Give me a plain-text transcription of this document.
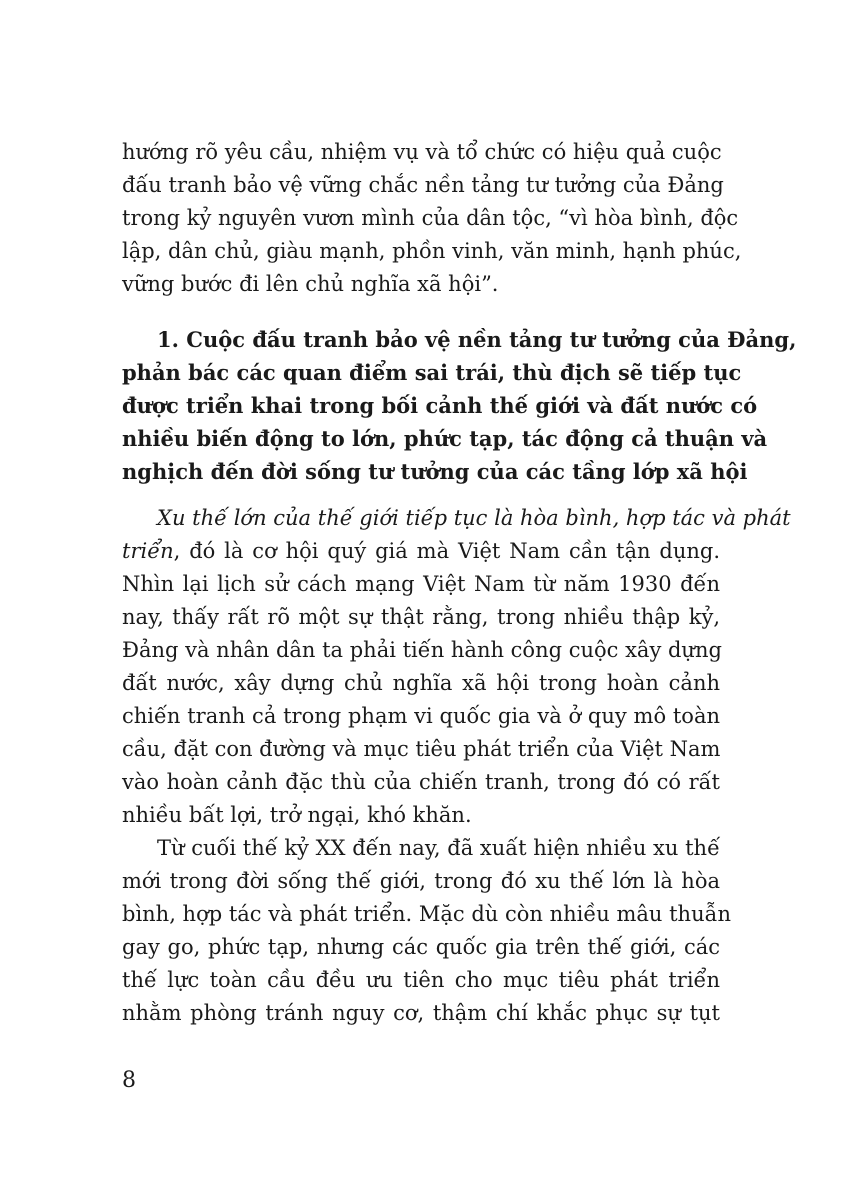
hướng rõ yêu cầu, nhiệm vụ và tổ chức có hiệu quả cuộc
đấu tranh bảo vệ vững chắc nền tảng tư tưởng của Đảng
trong kỷ nguyên vươn mình của dân tộc, “vì hòa bình, độc
lập, dân chủ, giàu mạnh, phồn vinh, văn minh, hạnh phúc,
vững bước đi lên chủ nghĩa xã hội”.
1. Cuộc đấu tranh bảo vệ nền tảng tư tưởng của Đảng,
phản bác các quan điểm sai trái, thù địch sẽ tiếp tục
được triển khai trong bối cảnh thế giới và đất nước có
nhiều biến động to lớn, phức tạp, tác động cả thuận và
nghịch đến đời sống tư tưởng của các tầng lớp xã hội
Xu thế lớn của thế giới tiếp tục là hòa bình, hợp tác và phát
triển, đó là cơ hội quý giá mà Việt Nam cần tận dụng.
Nhìn lại lịch sử cách mạng Việt Nam từ năm 1930 đến
nay, thấy rất rõ một sự thật rằng, trong nhiều thập kỷ,
Đảng và nhân dân ta phải tiến hành công cuộc xây dựng
đất nước, xây dựng chủ nghĩa xã hội trong hoàn cảnh
chiến tranh cả trong phạm vi quốc gia và ở quy mô toàn
cầu, đặt con đường và mục tiêu phát triển của Việt Nam
vào hoàn cảnh đặc thù của chiến tranh, trong đó có rất
nhiều bất lợi, trở ngại, khó khăn.
Từ cuối thế kỷ XX đến nay, đã xuất hiện nhiều xu thế
mới trong đời sống thế giới, trong đó xu thế lớn là hòa
bình, hợp tác và phát triển. Mặc dù còn nhiều mâu thuẫn
gay go, phức tạp, nhưng các quốc gia trên thế giới, các
thế lực toàn cầu đều ưu tiên cho mục tiêu phát triển
nhằm phòng tránh nguy cơ, thậm chí khắc phục sự tụt
8
